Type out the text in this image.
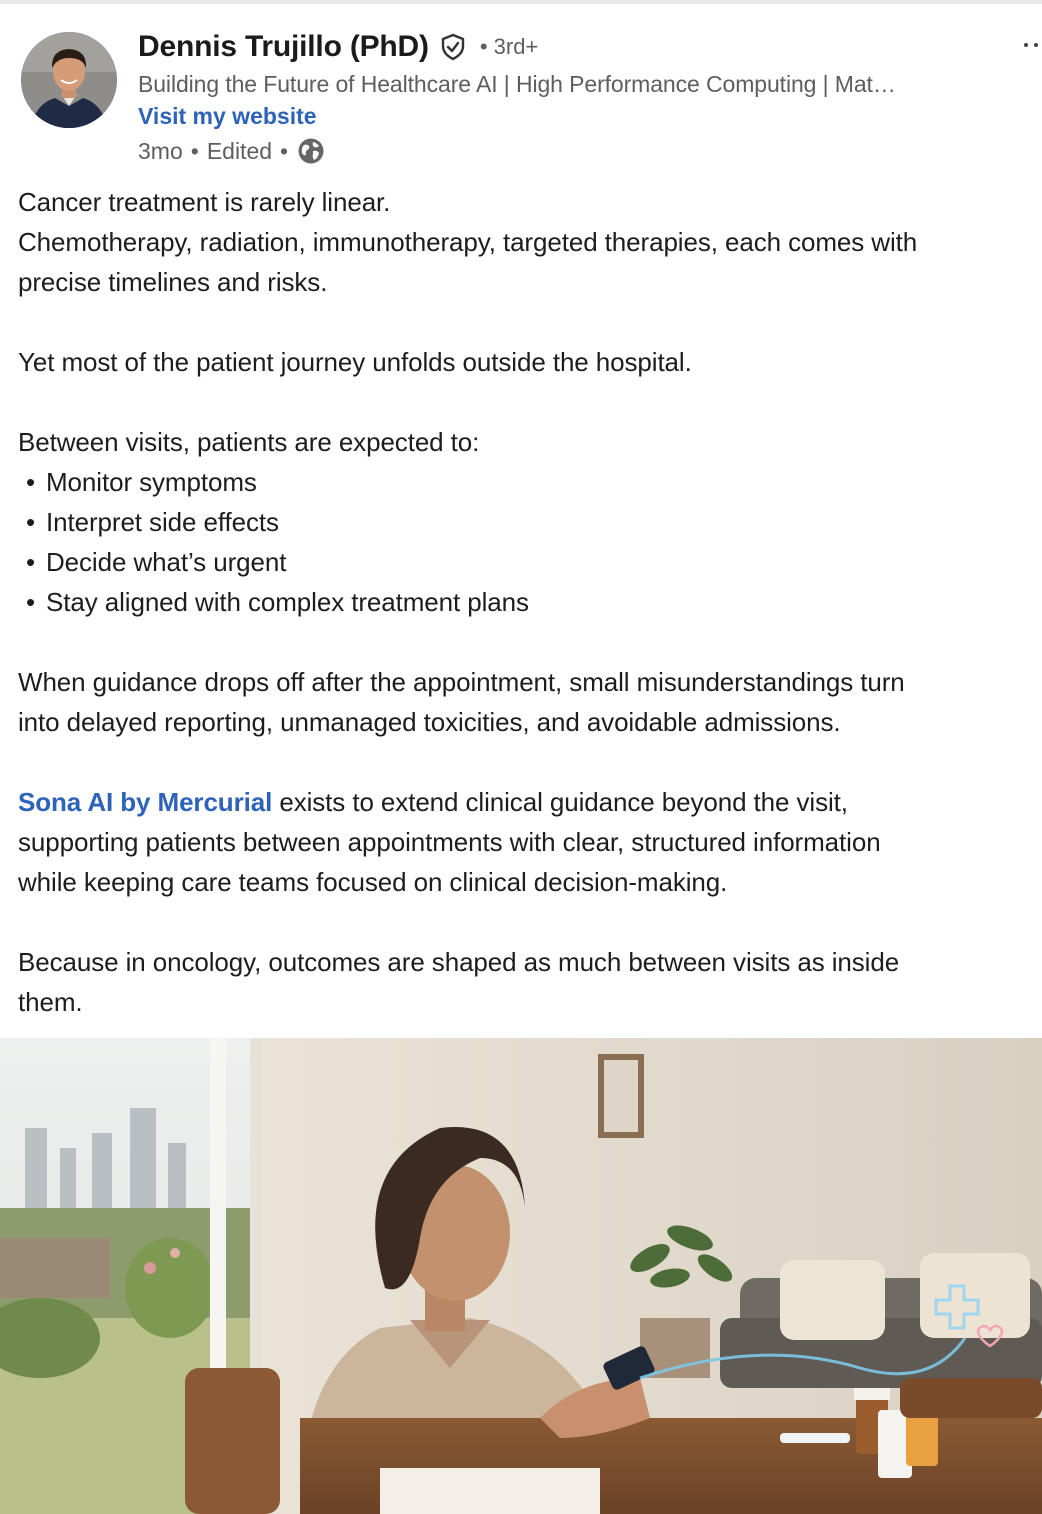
Dennis Trujillo (PhD) • 3rd+
Building the Future of Healthcare AI | High Performance Computing | Mat…
Visit my website
3mo • Edited •

Cancer treatment is rarely linear.

Chemotherapy, radiation, immunotherapy, targeted therapies, each comes with

precise timelines and risks.

Yet most of the patient journey unfolds outside the hospital.

Between visits, patients are expected to:

• Monitor symptoms

• Interpret side effects

• Decide what’s urgent

• Stay aligned with complex treatment plans

When guidance drops off after the appointment, small misunderstandings turn

into delayed reporting, unmanaged toxicities, and avoidable admissions.

Sona AI by Mercurial exists to extend clinical guidance beyond the visit,

supporting patients between appointments with clear, structured information

while keeping care teams focused on clinical decision-making.

Because in oncology, outcomes are shaped as much between visits as inside

them.
